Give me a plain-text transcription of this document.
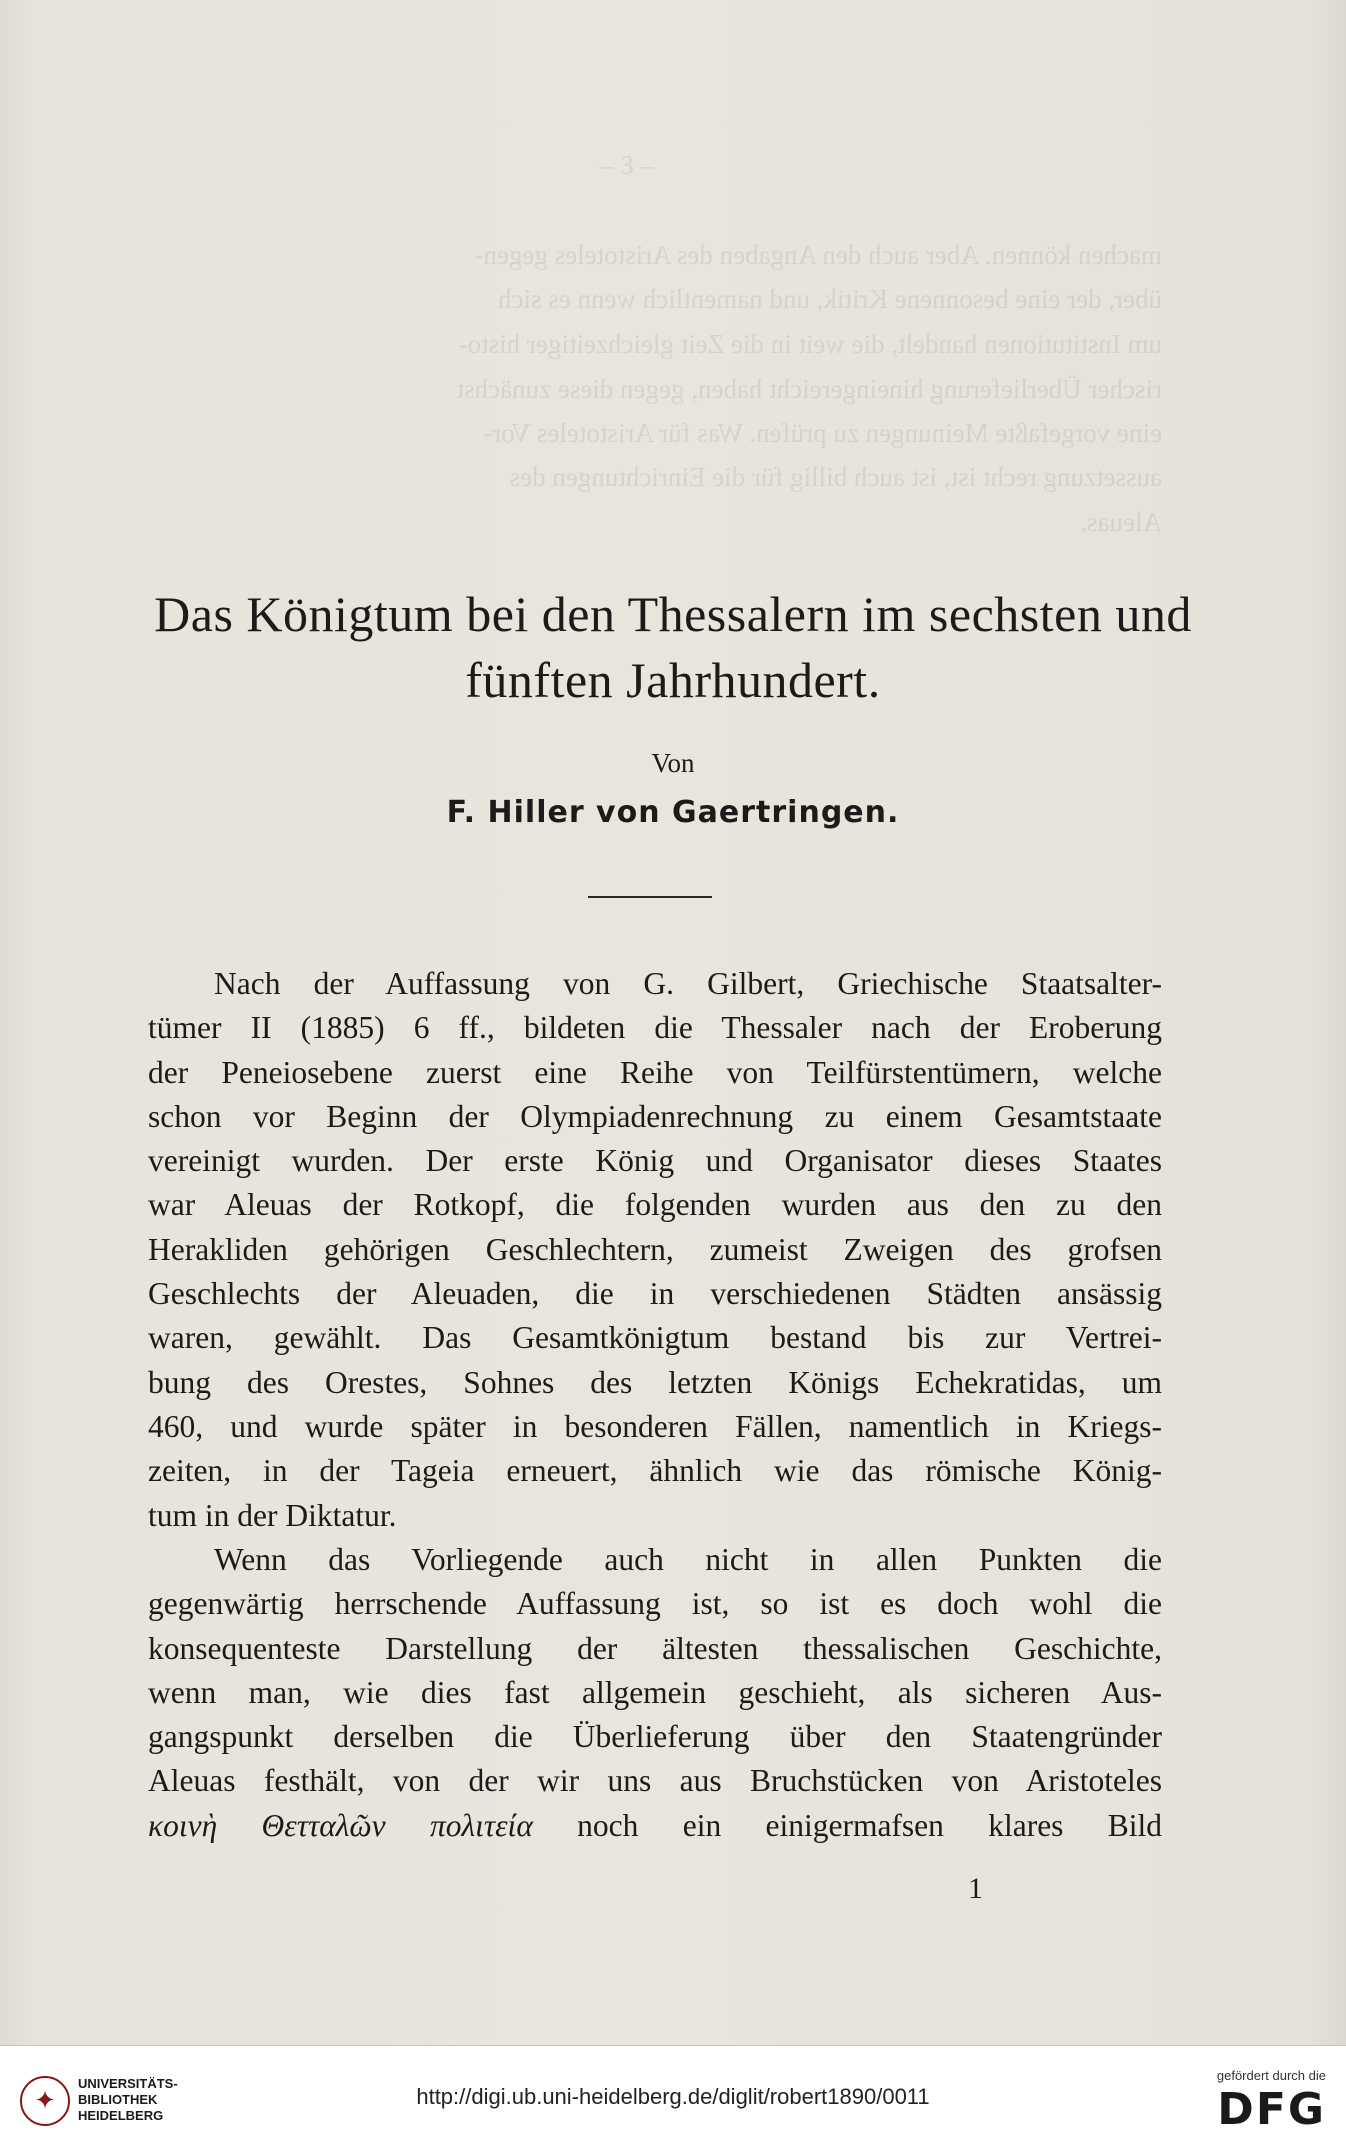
– 3 –
machen können. Aber auch den Angaben des Aristoteles gegen-
über, der eine besonnene Kritik, und namentlich wenn es sich
um Institutionen handelt, die weit in die Zeit gleichzeitiger histo-
rischer Überlieferung hineingereicht haben, gegen diese zunächst
eine vorgefaßte Meinungen zu prüfen. Was für Aristoteles Vor-
aussetzung recht ist, ist auch billig für die Einrichtungen des
Aleuas.
Das Königtum bei den Thessalern im sechsten und
fünften Jahrhundert.
Von
F. Hiller von Gaertringen.
Nach der Auffassung von G. Gilbert, Griechische Staatsalter-
tümer II (1885) 6 ff., bildeten die Thessaler nach der Eroberung
der Peneiosebene zuerst eine Reihe von Teilfürstentümern, welche
schon vor Beginn der Olympiadenrechnung zu einem Gesamtstaate
vereinigt wurden. Der erste König und Organisator dieses Staates
war Aleuas der Rotkopf, die folgenden wurden aus den zu den
Herakliden gehörigen Geschlechtern, zumeist Zweigen des grofsen
Geschlechts der Aleuaden, die in verschiedenen Städten ansässig
waren, gewählt. Das Gesamtkönigtum bestand bis zur Vertrei-
bung des Orestes, Sohnes des letzten Königs Echekratidas, um
460, und wurde später in besonderen Fällen, namentlich in Kriegs-
zeiten, in der Tageia erneuert, ähnlich wie das römische König-
tum in der Diktatur.
Wenn das Vorliegende auch nicht in allen Punkten die
gegenwärtig herrschende Auffassung ist, so ist es doch wohl die
konsequenteste Darstellung der ältesten thessalischen Geschichte,
wenn man, wie dies fast allgemein geschieht, als sicheren Aus-
gangspunkt derselben die Überlieferung über den Staatengründer
Aleuas festhält, von der wir uns aus Bruchstücken von Aristoteles
κοινὴ Θετταλῶν πολιτεία noch ein einigermafsen klares Bild
1
✦
UNIVERSITÄTS-
BIBLIOTHEK
HEIDELBERG
http://digi.ub.uni-heidelberg.de/diglit/robert1890/0011
gefördert durch die
DFG
